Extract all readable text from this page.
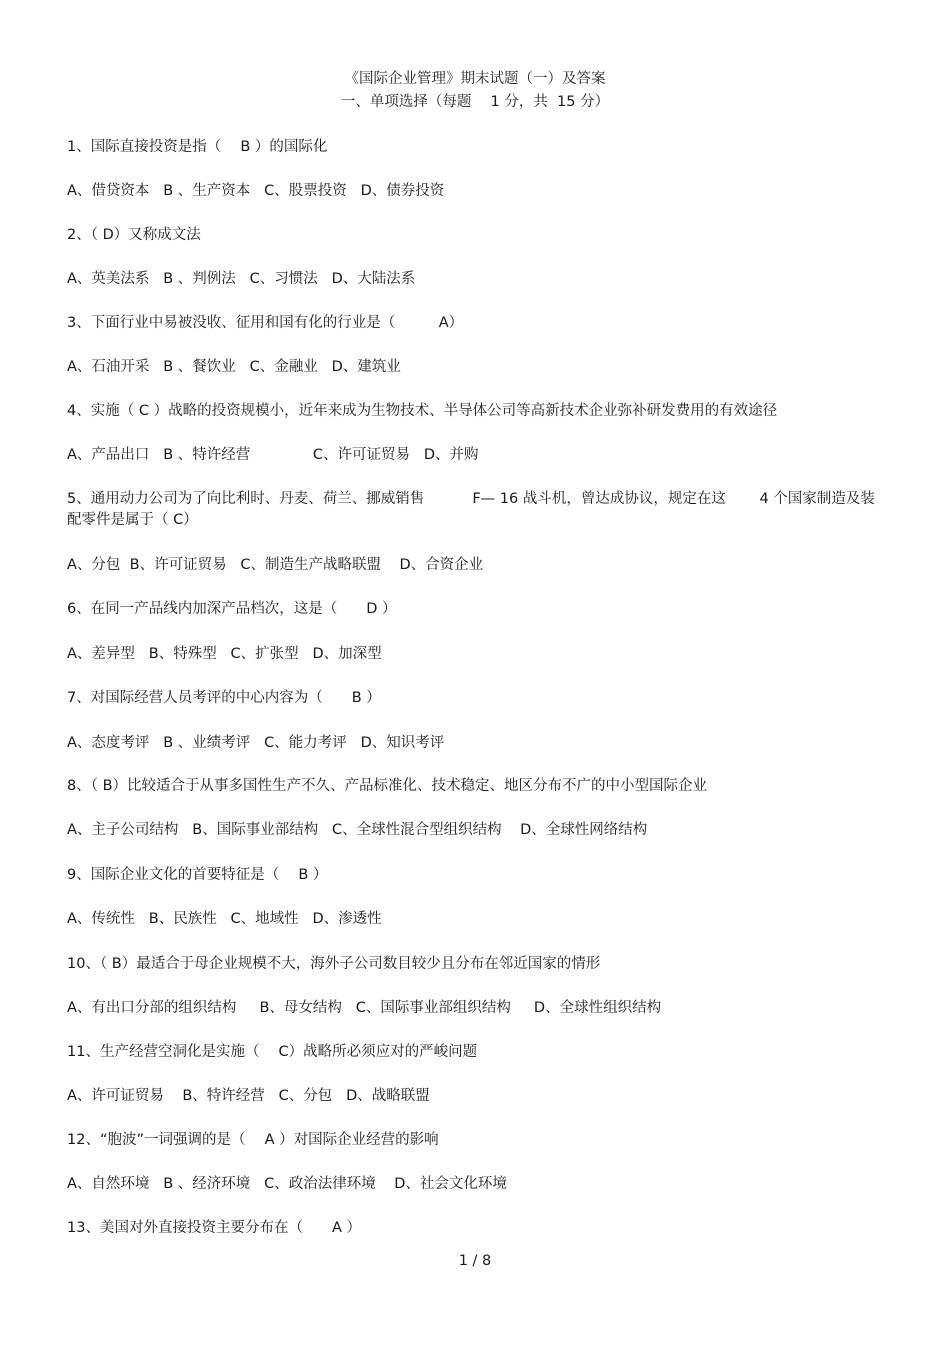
《国际企业管理》期末试题（一）及答案
一、单项选择（每题　 1 分，共  15 分）
1、国际直接投资是指（　 B ）的国际化
A、借贷资本   B 、生产资本   C、股票投资   D、债券投资
2、（ D）又称成文法
A、英美法系   B 、判例法   C、习惯法   D、大陆法系
3、下面行业中易被没收、征用和国有化的行业是（　　　A）
A、石油开采   B 、餐饮业   C、金融业   D、建筑业
4、实施（ C ）战略的投资规模小，近年来成为生物技术、半导体公司等高新技术企业弥补研发费用的有效途径
A、产品出口   B 、特许经营　　　　 C、许可证贸易   D、并购
5、通用动力公司为了向比利时、丹麦、荷兰、挪威销售　　　 F— 16 战斗机，曾达成协议，规定在这　　 4 个国家制造及装配零件是属于（ C）
A、分包  B、许可证贸易   C、制造生产战略联盟    D、合资企业
6、在同一产品线内加深产品档次，这是（　　D ）
A、差异型   B、特殊型   C、扩张型   D、加深型
7、对国际经营人员考评的中心内容为（　　B ）
A、态度考评   B 、业绩考评   C、能力考评   D、知识考评
8、（ B）比较适合于从事多国性生产不久、产品标准化、技术稳定、地区分布不广的中小型国际企业
A、主子公司结构   B、国际事业部结构   C、全球性混合型组织结构    D、全球性网络结构
9、国际企业文化的首要特征是（　 B ）
A、传统性   B、民族性   C、地域性   D、渗透性
10、（ B）最适合于母企业规模不大，海外子公司数目较少且分布在邻近国家的情形
A、有出口分部的组织结构     B、母女结构   C、国际事业部组织结构     D、全球性组织结构
11、生产经营空洞化是实施（　 C）战略所必须应对的严峻问题
A、许可证贸易    B、特许经营   C、分包   D、战略联盟
12、“胞波”一词强调的是（　 A ）对国际企业经营的影响
A、自然环境   B 、经济环境   C、政治法律环境    D、社会文化环境
13、美国对外直接投资主要分布在（　　A ）
1 / 8
